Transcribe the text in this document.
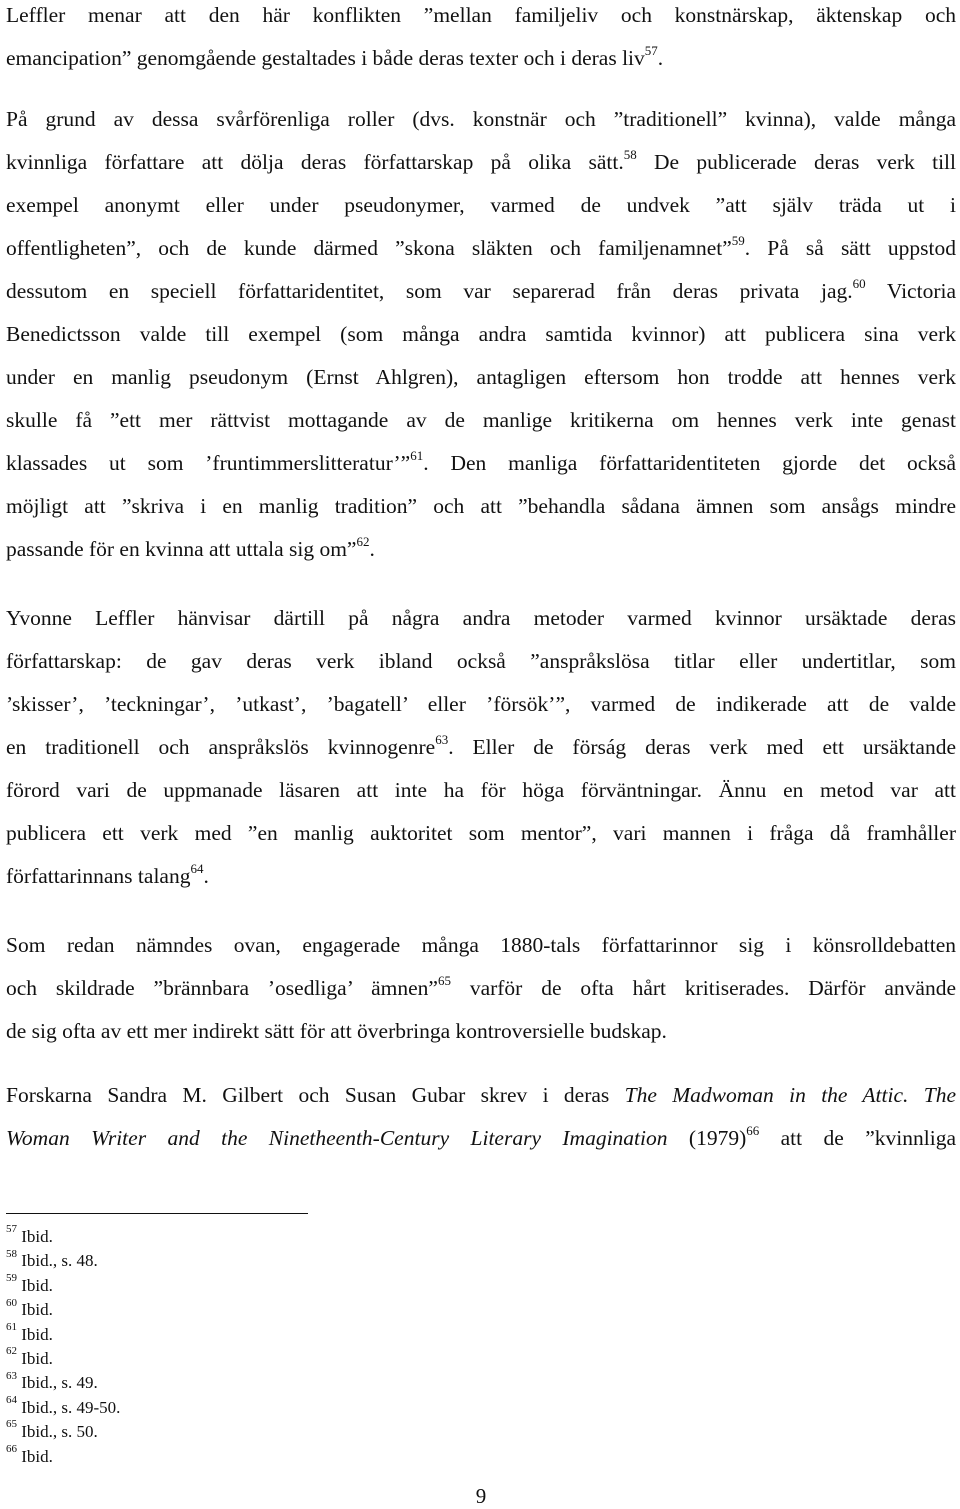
Leffler menar att den här konflikten ”mellan familjeliv och konstnärskap, äktenskap och
emancipation” genomgående gestaltades i både deras texter och i deras liv$^{57}$.
På grund av dessa svårförenliga roller (dvs. konstnär och ”traditionell” kvinna), valde många
kvinnliga författare att dölja deras författarskap på olika sätt.$^{58}$ De publicerade deras verk till
exempel anonymt eller under pseudonymer, varmed de undvek ”att själv träda ut i
offentligheten”, och de kunde därmed ”skona släkten och familjenamnet”$^{59}$. På så sätt uppstod
dessutom en speciell författaridentitet, som var separerad från deras privata jag.$^{60}$ Victoria
Benedictsson valde till exempel (som många andra samtida kvinnor) att publicera sina verk
under en manlig pseudonym (Ernst Ahlgren), antagligen eftersom hon trodde att hennes verk
skulle få ”ett mer rättvist mottagande av de manlige kritikerna om hennes verk inte genast
klassades ut som ’fruntimmerslitteratur’”$^{61}$. Den manliga författaridentiteten gjorde det också
möjligt att ”skriva i en manlig tradition” och att ”behandla sådana ämnen som ansågs mindre
passande för en kvinna att uttala sig om”$^{62}$.
Yvonne Leffler hänvisar därtill på några andra metoder varmed kvinnor ursäktade deras
författarskap: de gav deras verk ibland också ”anspråkslösa titlar eller undertitlar, som
’skisser’, ’teckningar’, ’utkast’, ’bagatell’ eller ’försök’”, varmed de indikerade att de valde
en traditionell och anspråkslös kvinnogenre$^{63}$. Eller de förság deras verk med ett ursäktande
förord vari de uppmanade läsaren att inte ha för höga förväntningar. Ännu en metod var att
publicera ett verk med ”en manlig auktoritet som mentor”, vari mannen i fråga då framhåller
författarinnans talang$^{64}$.
Som redan nämndes ovan, engagerade många 1880-tals författarinnor sig i könsrolldebatten
och skildrade ”brännbara ’osedliga’ ämnen”$^{65}$ varför de ofta hårt kritiserades. Därför använde
de sig ofta av ett mer indirekt sätt för att överbringa kontroversielle budskap.
Forskarna Sandra M. Gilbert och Susan Gubar skrev i deras The Madwoman in the Attic. The
Woman Writer and the Ninetheenth-Century Literary Imagination $(1979)^{66}$ att de ”kvinnliga
$^{57}$ Ibid.
$^{58}$ Ibid., s. 48.
$^{59}$ Ibid.
$^{60}$ Ibid.
$^{61}$ Ibid.
$^{62}$ Ibid.
$^{63}$ Ibid., s. 49.
$^{64}$ Ibid., s. 49-50.
$^{65}$ Ibid., s. 50.
$^{66}$ Ibid.
9
